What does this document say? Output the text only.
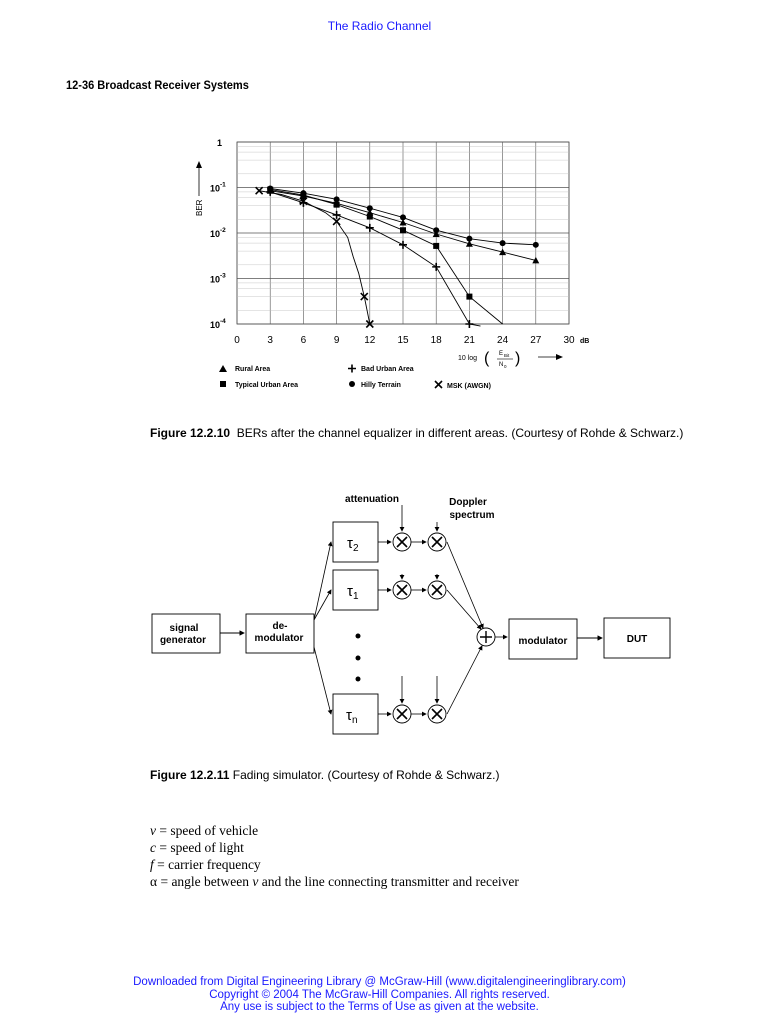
The Radio Channel
12-36 Broadcast Receiver Systems
0	3	6	9 12 15 18 21 24 27 30
1
$10^{-1}$
$10^{-2}$
$10^{-3}$
$10^{-4}$
BER
dB
10 log ( E Bit
N 0 )
Rural Area	Bad Urban Area
Typical Urban Area	Hilly Terrain	MSK (AWGN)
Figure 12.2.10 BERs after the channel equalizer in different areas. (Courtesy of Rohde & Schwarz.)
signal
generator
de-
modulator
attenuation	Doppler
spectrum
modulator	DUT
$\tau_2$
$\tau_1$
$\tau_n$
Figure 12.2.11 Fading simulator. (Courtesy of Rohde & Schwarz.)
v = speed of vehicle
c = speed of light
f = carrier frequency
α = angle between v and the line connecting transmitter and receiver
Downloaded from Digital Engineering Library @ McGraw-Hill (www.digitalengineeringlibrary.com)
Copyright © 2004 The McGraw-Hill Companies. All rights reserved.
Any use is subject to the Terms of Use as given at the website.
